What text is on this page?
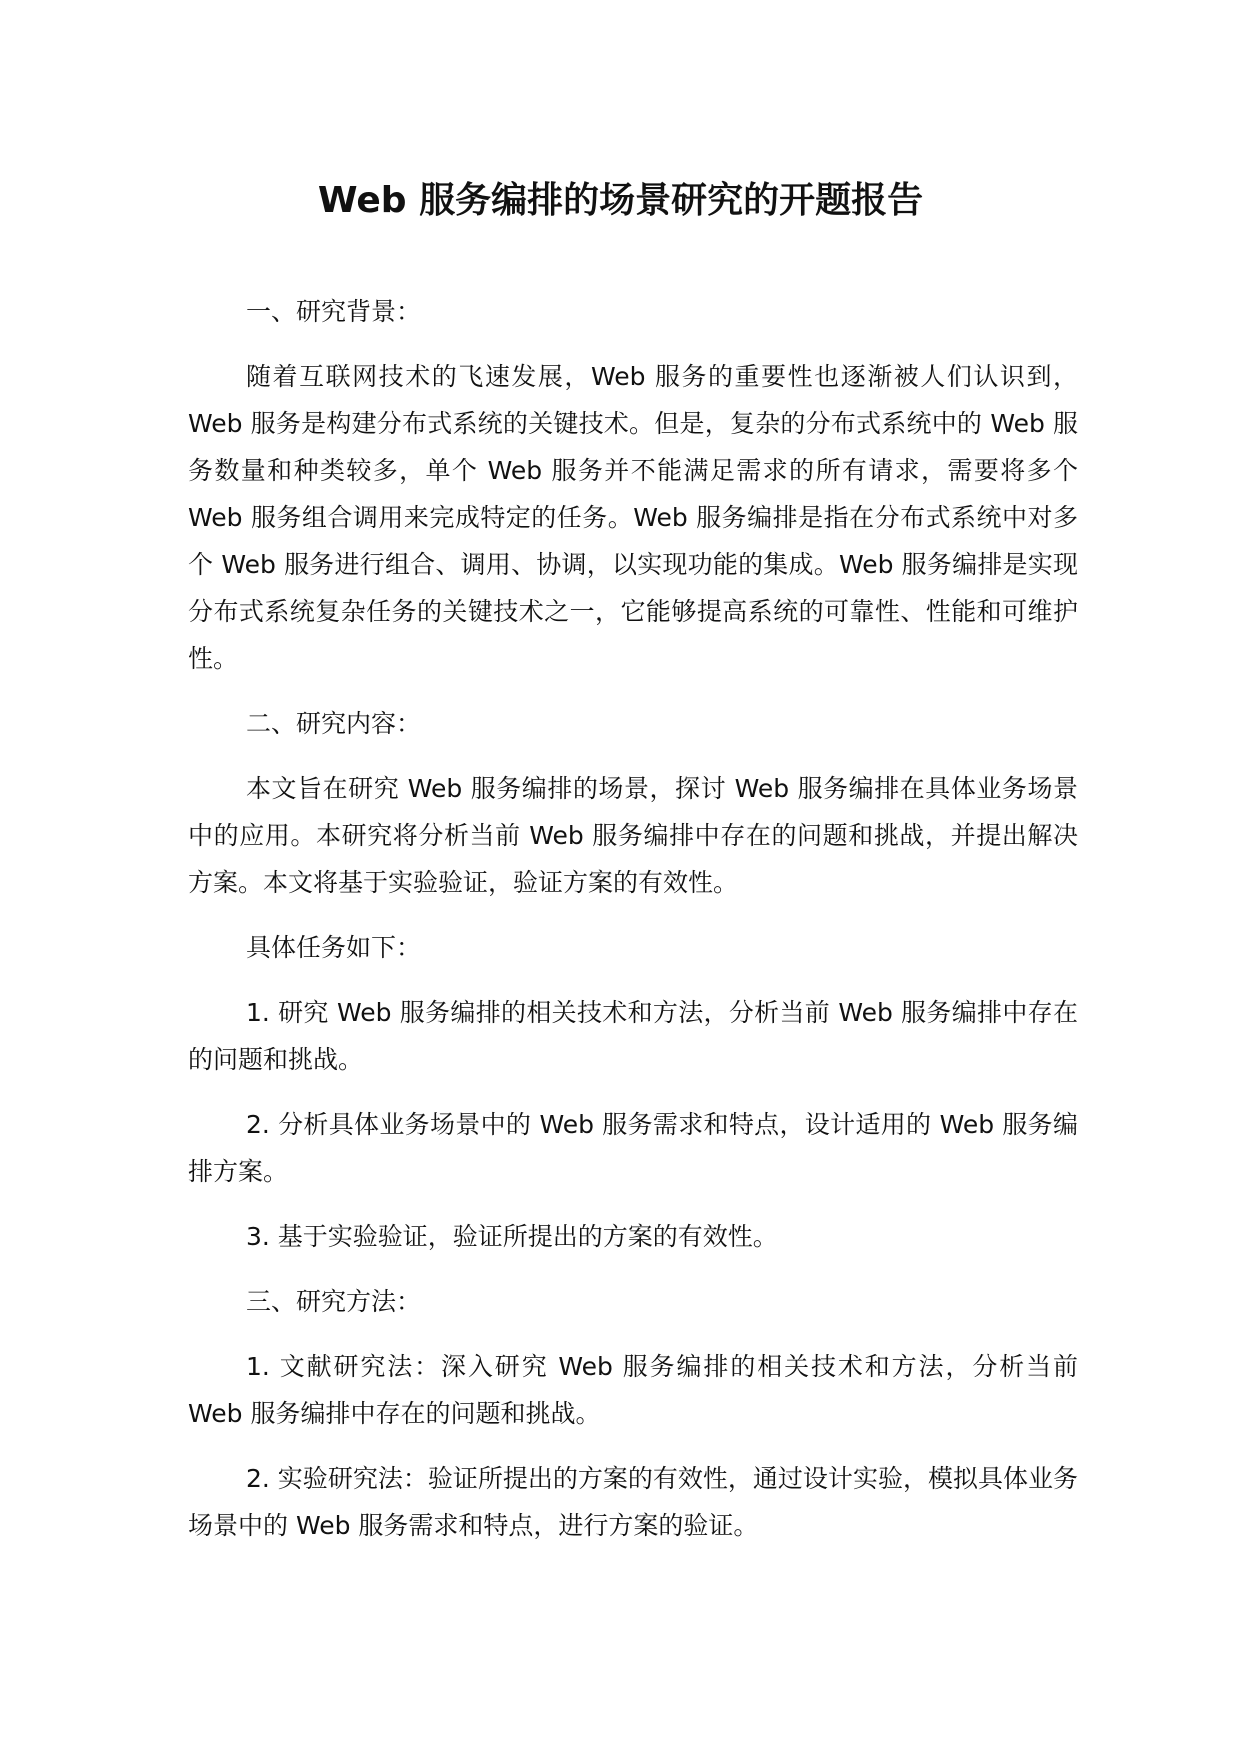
Web 服务编排的场景研究的开题报告

一、研究背景：

随着互联网技术的飞速发展，Web 服务的重要性也逐渐被人们认识到，Web 服务是构建分布式系统的关键技术。但是，复杂的分布式系统中的 Web 服务数量和种类较多，单个 Web 服务并不能满足需求的所有请求，需要将多个 Web 服务组合调用来完成特定的任务。Web 服务编排是指在分布式系统中对多个 Web 服务进行组合、调用、协调，以实现功能的集成。Web 服务编排是实现分布式系统复杂任务的关键技术之一，它能够提高系统的可靠性、性能和可维护性。

二、研究内容：

本文旨在研究 Web 服务编排的场景，探讨 Web 服务编排在具体业务场景中的应用。本研究将分析当前 Web 服务编排中存在的问题和挑战，并提出解决方案。本文将基于实验验证，验证方案的有效性。

具体任务如下：

1. 研究 Web 服务编排的相关技术和方法，分析当前 Web 服务编排中存在的问题和挑战。

2. 分析具体业务场景中的 Web 服务需求和特点，设计适用的 Web 服务编排方案。

3. 基于实验验证，验证所提出的方案的有效性。

三、研究方法：

1. 文献研究法：深入研究 Web 服务编排的相关技术和方法，分析当前 Web 服务编排中存在的问题和挑战。

2. 实验研究法：验证所提出的方案的有效性，通过设计实验，模拟具体业务场景中的 Web 服务需求和特点，进行方案的验证。
